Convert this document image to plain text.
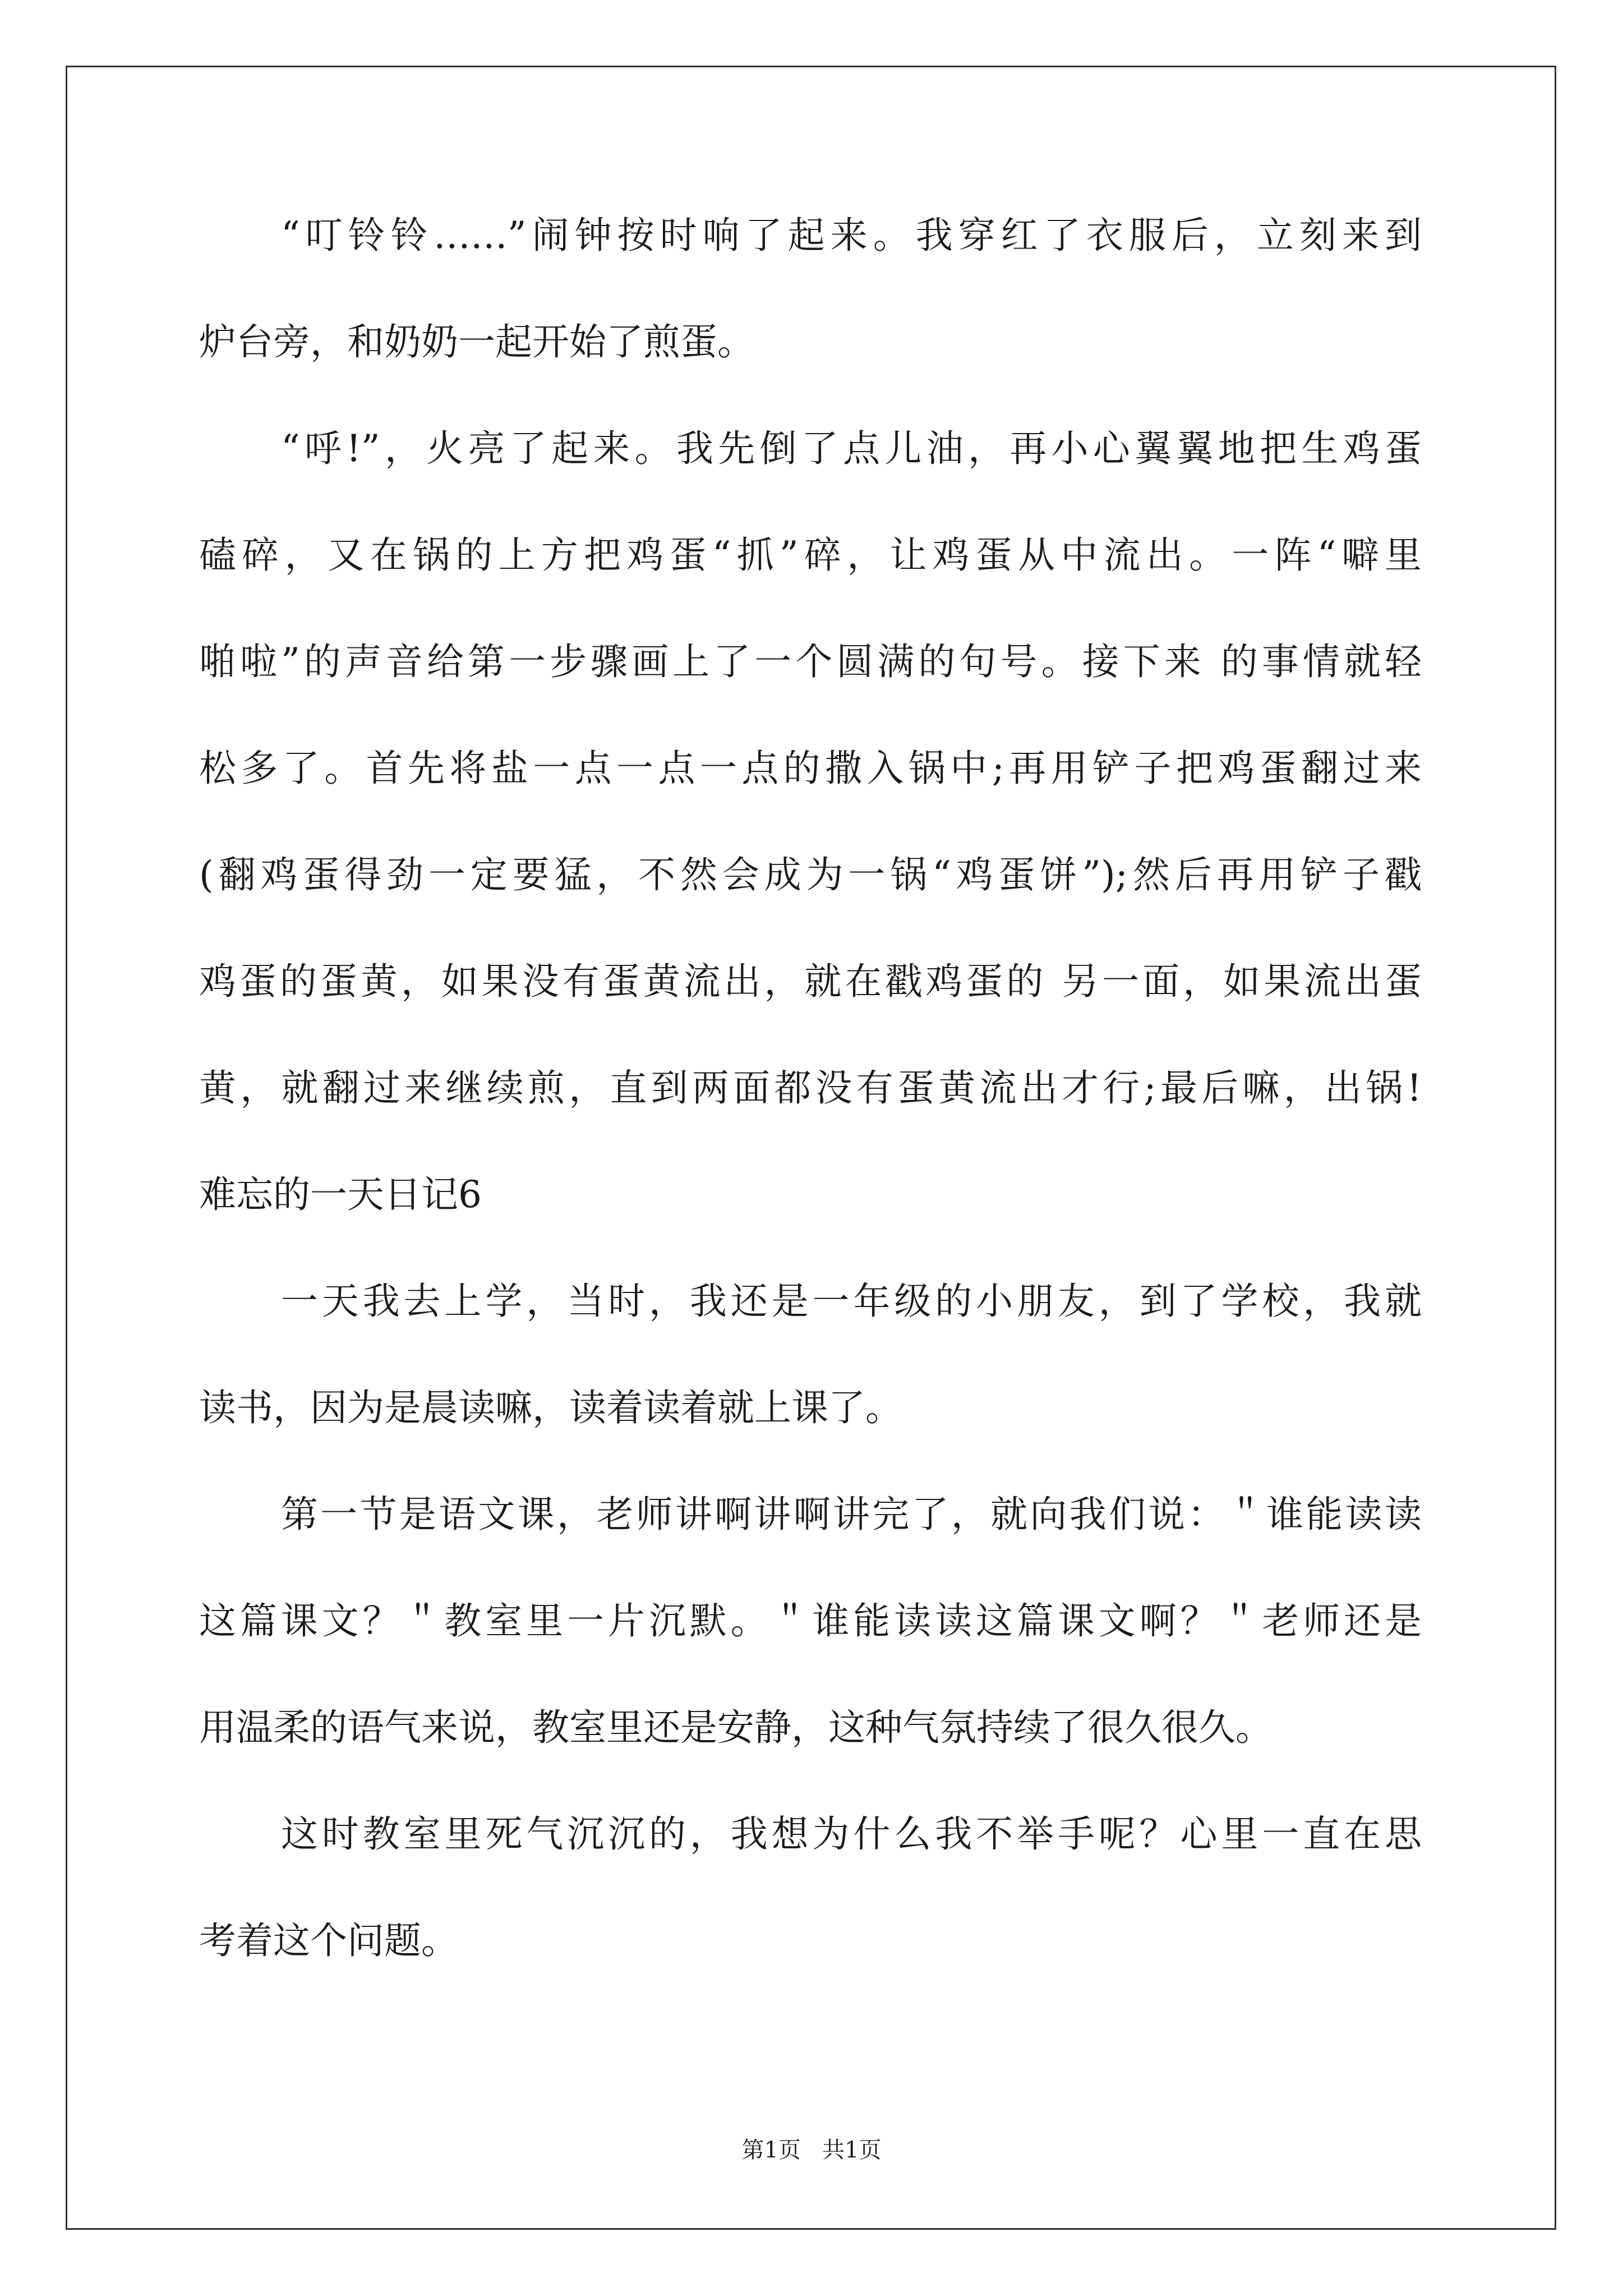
“叮铃铃……”闹钟按时响了起来。我穿红了衣服后，立刻来到
炉台旁，和奶奶一起开始了煎蛋。
“呼!”，火亮了起来。我先倒了点儿油，再小心翼翼地把生鸡蛋
磕碎，又在锅的上方把鸡蛋“抓”碎，让鸡蛋从中流出。一阵“噼里
啪啦”的声音给第一步骤画上了一个圆满的句号。接下来 的事情就轻
松多了。首先将盐一点一点一点的撒入锅中;再用铲子把鸡蛋翻过来
(翻鸡蛋得劲一定要猛，不然会成为一锅“鸡蛋饼”);然后再用铲子戳
鸡蛋的蛋黄，如果没有蛋黄流出，就在戳鸡蛋的 另一面，如果流出蛋
黄，就翻过来继续煎，直到两面都没有蛋黄流出才行;最后嘛，出锅!
难忘的一天日记6
一天我去上学，当时，我还是一年级的小朋友，到了学校，我就
读书，因为是晨读嘛，读着读着就上课了。
第一节是语文课，老师讲啊讲啊讲完了，就向我们说：＂谁能读读
这篇课文？＂教室里一片沉默。＂谁能读读这篇课文啊？＂老师还是
用温柔的语气来说，教室里还是安静，这种气氛持续了很久很久。
这时教室里死气沉沉的，我想为什么我不举手呢？心里一直在思
考着这个问题。
第1页   共1页
